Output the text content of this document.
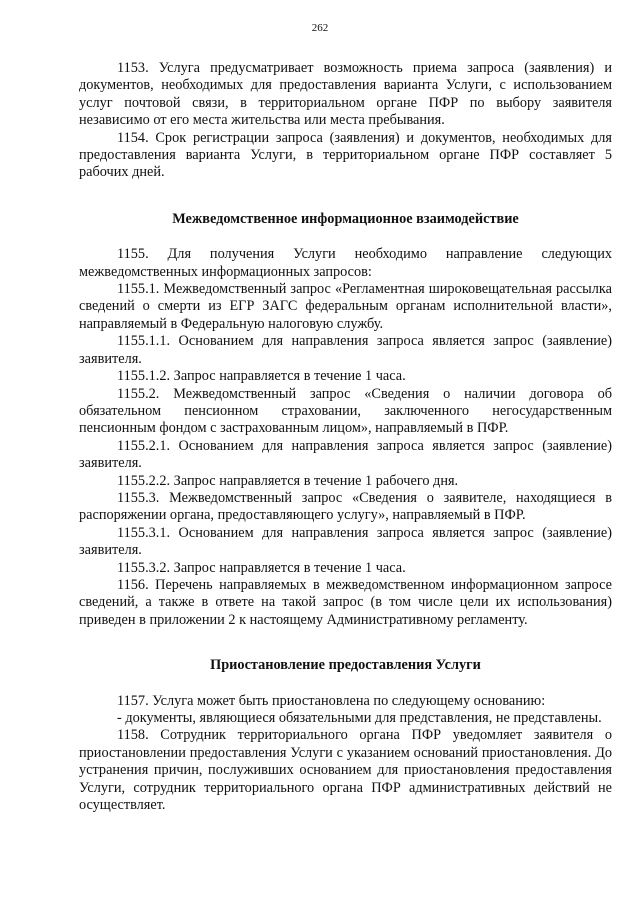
262

1153. Услуга предусматривает возможность приема запроса (заявления) и документов, необходимых для предоставления варианта Услуги, с использованием услуг почтовой связи, в территориальном органе ПФР по выбору заявителя независимо от его места жительства или места пребывания.

1154. Срок регистрации запроса (заявления) и документов, необходимых для предоставления варианта Услуги, в территориальном органе ПФР составляет 5 рабочих дней.

Межведомственное информационное взаимодействие

1155. Для получения Услуги необходимо направление следующих межведомственных информационных запросов:

1155.1. Межведомственный запрос «Регламентная широковещательная рассылка сведений о смерти из ЕГР ЗАГС федеральным органам исполнительной власти», направляемый в Федеральную налоговую службу.

1155.1.1. Основанием для направления запроса является запрос (заявление) заявителя.

1155.1.2. Запрос направляется в течение 1 часа.

1155.2. Межведомственный запрос «Сведения о наличии договора об обязательном пенсионном страховании, заключенного негосударственным пенсионным фондом с застрахованным лицом», направляемый в ПФР.

1155.2.1. Основанием для направления запроса является запрос (заявление) заявителя.

1155.2.2. Запрос направляется в течение 1 рабочего дня.

1155.3. Межведомственный запрос «Сведения о заявителе, находящиеся в распоряжении органа, предоставляющего услугу», направляемый в ПФР.

1155.3.1. Основанием для направления запроса является запрос (заявление) заявителя.

1155.3.2. Запрос направляется в течение 1 часа.

1156. Перечень направляемых в межведомственном информационном запросе сведений, а также в ответе на такой запрос (в том числе цели их использования) приведен в приложении 2 к настоящему Административному регламенту.

Приостановление предоставления Услуги

1157. Услуга может быть приостановлена по следующему основанию:

- документы, являющиеся обязательными для представления, не представлены.

1158. Сотрудник территориального органа ПФР уведомляет заявителя о приостановлении предоставления Услуги с указанием оснований приостановления. До устранения причин, послуживших основанием для приостановления предоставления Услуги, сотрудник территориального органа ПФР административных действий не осуществляет.
